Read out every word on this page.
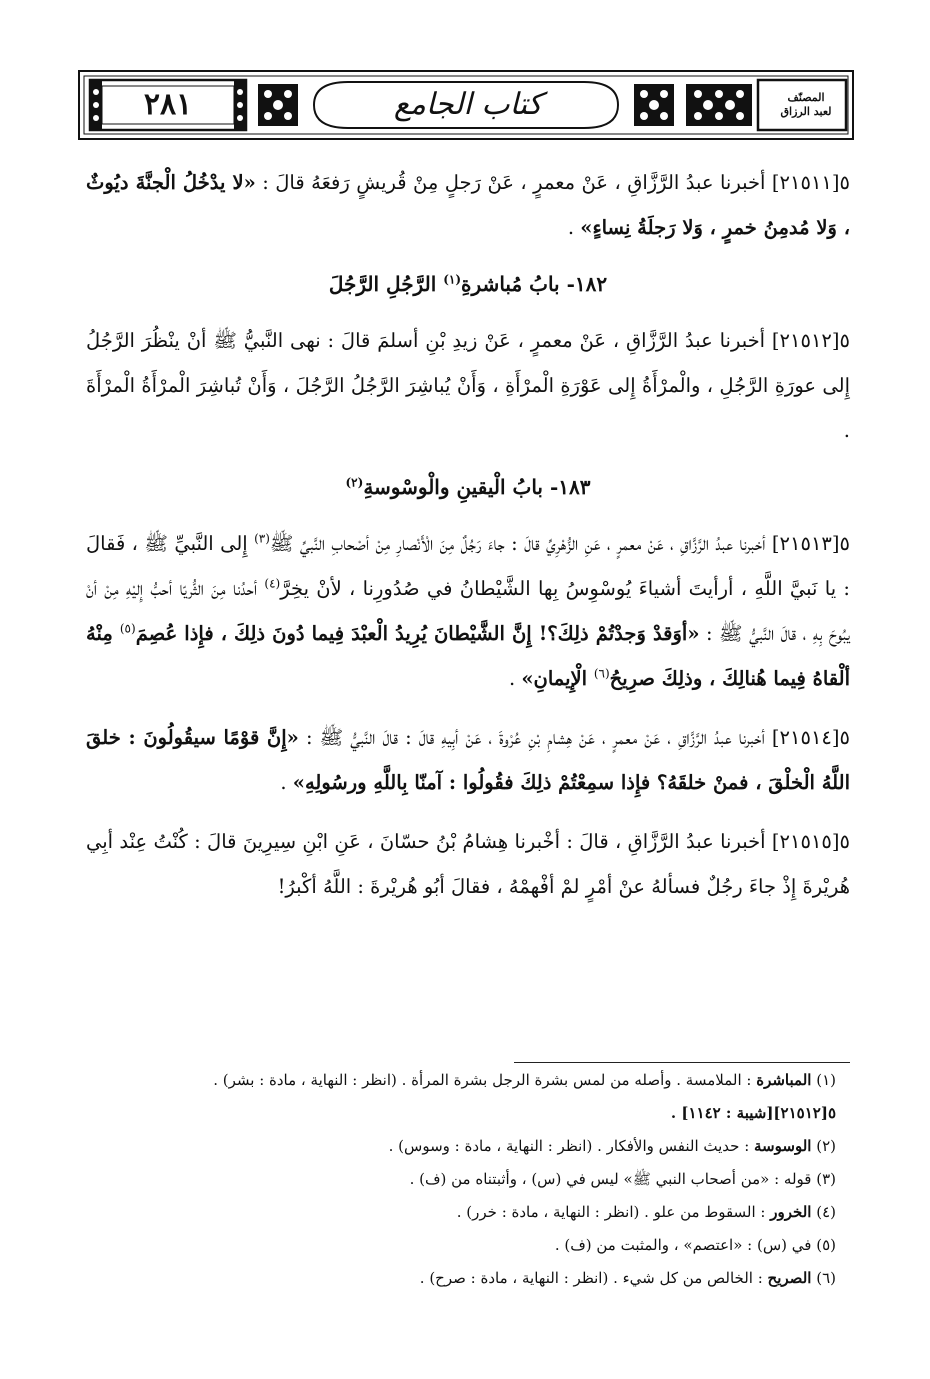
٢٨١	كتاب الجامع	المصنّف
لعبد الرزاق

٥[٢١٥١١] أخبرنا عبدُ الرَّزَّاقِ ، عَنْ معمرٍ ، عَنْ رَجلٍ مِنْ قُريشٍ رَفعَهُ قالَ : «لا يدْخُلُ الْجنَّةَ ديُوثٌ ، وَلا مُدمِنُ خمرٍ ، وَلا رَجلَةُ نِساءٍ» .

١٨٢- بابُ مُباشرةِ$^{(١)}$ الرَّجُلِ الرَّجُلَ

٥[٢١٥١٢] أخبرنا عبدُ الرَّزَّاقِ ، عَنْ معمرٍ ، عَنْ زيدِ بْنِ أسلمَ قالَ : نهى النَّبيُّ ﷺ أنْ ينْظُرَ الرَّجُلُ إِلى عورَةِ الرَّجُلِ ، والْمرْأَةُ إِلى عَوْرَةِ الْمرْأَةِ ، وَأَنْ يُباشِرَ الرَّجُلُ الرَّجُلَ ، وَأَنْ تُباشِرَ الْمرْأَةُ الْمرْأَةَ .

١٨٣- بابُ الْيقينِ والْوسْوسةِ$^{(٢)}$

٥[٢١٥١٣] أخبرنا عبدُ الرَّزَّاقِ ، عَنْ معمرٍ ، عَنِ الزُّهْرِيِّ قالَ : جاءَ رَجُلٌ مِنَ الْأَنْصارِ مِنْ أصْحابِ النَّبيِّ ﷺ$^{(٣)}$ إِلى النَّبيِّ ﷺ ، فَقالَ : يا نَبيَّ اللَّهِ ، أرأيتَ أشياءَ يُوسْوِسُ بِها الشَّيْطانُ في صُدُورِنا ، لأنْ يخِرَّ$^{(٤)}$ أحدُنا مِنَ الثُّريّا أحبُّ إِليْهِ مِنْ أنْ يبُوحَ بِهِ ، قالَ النَّبيُّ ﷺ : «أوَقدْ وَجدْتُمْ ذلِكَ؟! إِنَّ الشَّيْطانَ يُرِيدُ الْعبْدَ فِيما دُونَ ذلِكَ ، فإِذا عُصِمَ$^{(٥)}$ مِنْهُ ألْقاهُ فِيما هُنالِكَ ، وذلِكَ صرِيحُ$^{(٦)}$ الْإِيمانِ» .

٥[٢١٥١٤] أخبرنا عبدُ الرَّزَّاقِ ، عَنْ معمرٍ ، عَنْ هِشامِ بْنِ عُرْوةَ ، عَنْ أبِيهِ قالَ : قالَ النَّبيُّ ﷺ : «إِنَّ قوْمًا سيقُولُونَ : خلقَ اللَّهُ الْخلْقَ ، فمنْ خلقَهُ؟ فإِذا سمِعْتُمْ ذلِكَ فقُولُوا : آمنّا بِاللَّهِ ورسُولِهِ» .

٥[٢١٥١٥] أخبرنا عبدُ الرَّزَّاقِ ، قالَ : أخْبرنا هِشامُ بْنُ حسّانَ ، عَنِ ابْنِ سِيرِينَ قالَ : كُنْتُ عِنْد أبِي هُريْرةَ إِذْ جاءَ رجُلٌ فسألهُ عنْ أمْرٍ لمْ أفْهمْهُ ، فقالَ أبُو هُريْرةَ : اللَّهُ أكْبرُ!

(١) المباشرة : الملامسة . وأصله من لمس بشرة الرجل بشرة المرأة . (انظر : النهاية ، مادة : بشر) .

٥[٢١٥١٢][شيبة : ١١٤٢] .

(٢) الوسوسة : حديث النفس والأفكار . (انظر : النهاية ، مادة : وسوس) .

(٣) قوله : «من أصحاب النبي ﷺ» ليس في (س) ، وأثبتناه من (ف) .

(٤) الخرور : السقوط من علو . (انظر : النهاية ، مادة : خرر) .

(٥) في (س) : «اعتصم» ، والمثبت من (ف) .

(٦) الصريح : الخالص من كل شيء . (انظر : النهاية ، مادة : صرح) .
